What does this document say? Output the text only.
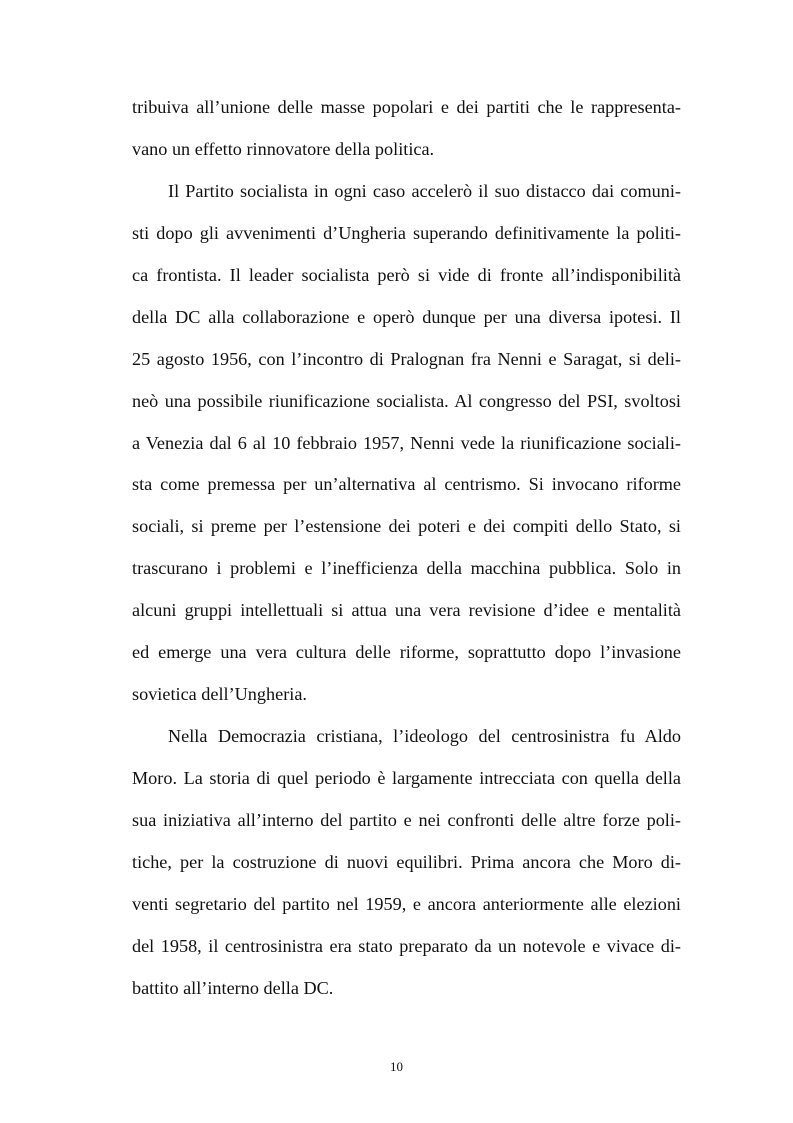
tribuiva all’unione delle masse popolari e dei partiti che le rappresenta-
vano un effetto rinnovatore della politica.
Il Partito socialista in ogni caso accelerò il suo distacco dai comuni-
sti dopo gli avvenimenti d’Ungheria superando definitivamente la politi-
ca frontista. Il leader socialista però si vide di fronte all’indisponibilità
della DC alla collaborazione e operò dunque per una diversa ipotesi. Il
25 agosto 1956, con l’incontro di Pralognan fra Nenni e Saragat, si deli-
neò una possibile riunificazione socialista. Al congresso del PSI, svoltosi
a Venezia dal 6 al 10 febbraio 1957, Nenni vede la riunificazione sociali-
sta come premessa per un’alternativa al centrismo. Si invocano riforme
sociali, si preme per l’estensione dei poteri e dei compiti dello Stato, si
trascurano i problemi e l’inefficienza della macchina pubblica. Solo in
alcuni gruppi intellettuali si attua una vera revisione d’idee e mentalità
ed emerge una vera cultura delle riforme, soprattutto dopo l’invasione
sovietica dell’Ungheria.
Nella Democrazia cristiana, l’ideologo del centrosinistra fu Aldo
Moro. La storia di quel periodo è largamente intrecciata con quella della
sua iniziativa all’interno del partito e nei confronti delle altre forze poli-
tiche, per la costruzione di nuovi equilibri. Prima ancora che Moro di-
venti segretario del partito nel 1959, e ancora anteriormente alle elezioni
del 1958, il centrosinistra era stato preparato da un notevole e vivace di-
battito all’interno della DC.
10
